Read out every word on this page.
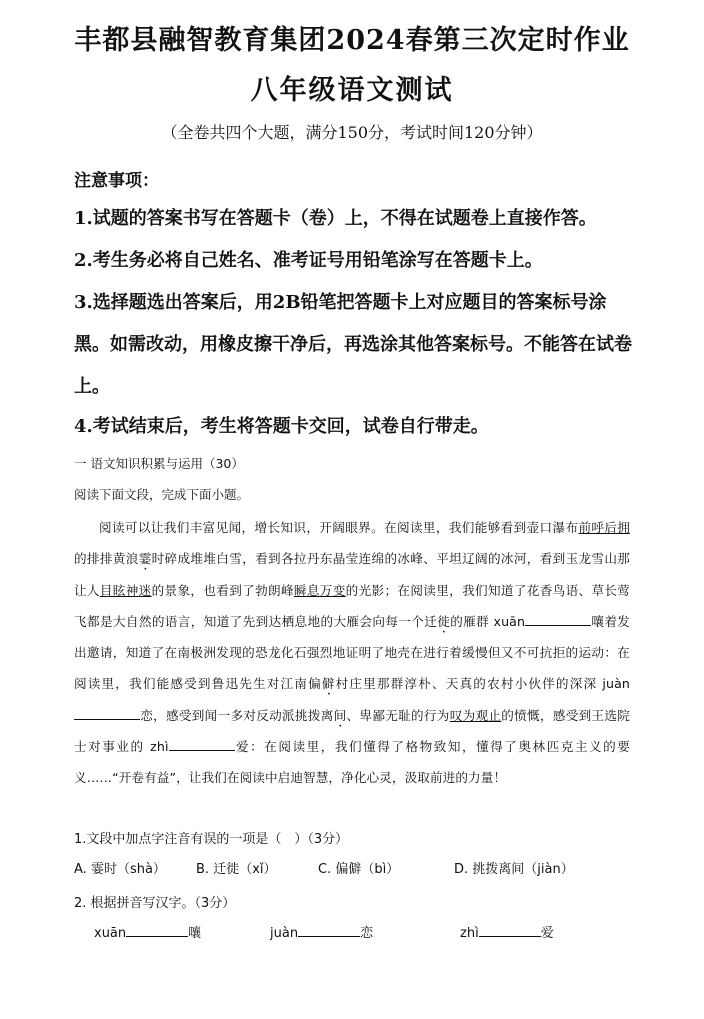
丰都县融智教育集团2024春第三次定时作业
八年级语文测试
（全卷共四个大题，满分150分，考试时间120分钟）
注意事项：
1.试题的答案书写在答题卡（卷）上，不得在试题卷上直接作答。
2.考生务必将自己姓名、准考证号用铅笔涂写在答题卡上。
3.选择题选出答案后，用2B铅笔把答题卡上对应题目的答案标号涂黑。如需改动，用橡皮擦干净后，再选涂其他答案标号。不能答在试卷上。
4.考试结束后，考生将答题卡交回，试卷自行带走。
一 语文知识积累与运用（30）
阅读下面文段，完成下面小题。
阅读可以让我们丰富见闻，增长知识，开阔眼界。在阅读里，我们能够看到壶口瀑布前呼后拥的排排黄浪霎时碎成堆堆白雪，看到各拉丹东晶莹连绵的冰峰、平坦辽阔的冰河，看到玉龙雪山那让人目眩神迷的景象，也看到了勃朗峰瞬息万变的光影；在阅读里，我们知道了花香鸟语、草长莺飞都是大自然的语言，知道了先到达栖息地的大雁会向每一个迁徙的雁群 xuān	嚷着发出邀请，知道了在南极洲发现的恐龙化石强烈地证明了地壳在进行着缓慢但又不可抗拒的运动：在阅读里，我们能感受到鲁迅先生对江南偏僻村庄里那群淳朴、天真的农村小伙伴的深深 juàn恋，感受到闻一多对反动派挑拨离间、卑鄙无耻的行为叹为观止的愤慨，感受到王选院士对事业的 zhì	爱：在阅读里，我们懂得了格物致知，懂得了奥林匹克主义的要义……“开卷有益”，让我们在阅读中启迪智慧，净化心灵，汲取前进的力量！
1.文段中加点字注音有误的一项是（　）（3分）
A. 霎时（shà） B. 迁徙（xǐ）	C. 偏僻（bì）	D. 挑拨离间（jiàn）
2. 根据拼音写汉字。（3分）
xuān	嚷	juàn	恋	zhì	爱
